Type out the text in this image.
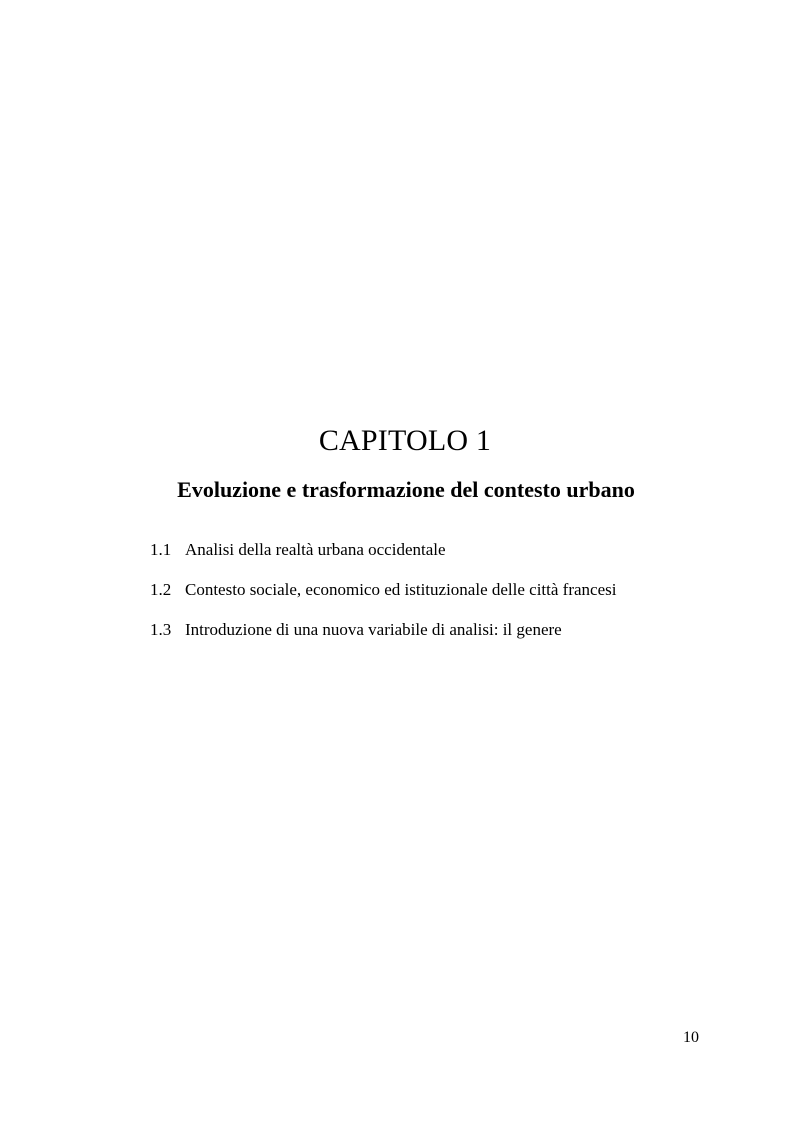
CAPITOLO 1
Evoluzione e trasformazione del contesto urbano
1.1 Analisi della realtà urbana occidentale
1.2 Contesto sociale, economico ed istituzionale delle città francesi
1.3 Introduzione di una nuova variabile di analisi: il genere
10
